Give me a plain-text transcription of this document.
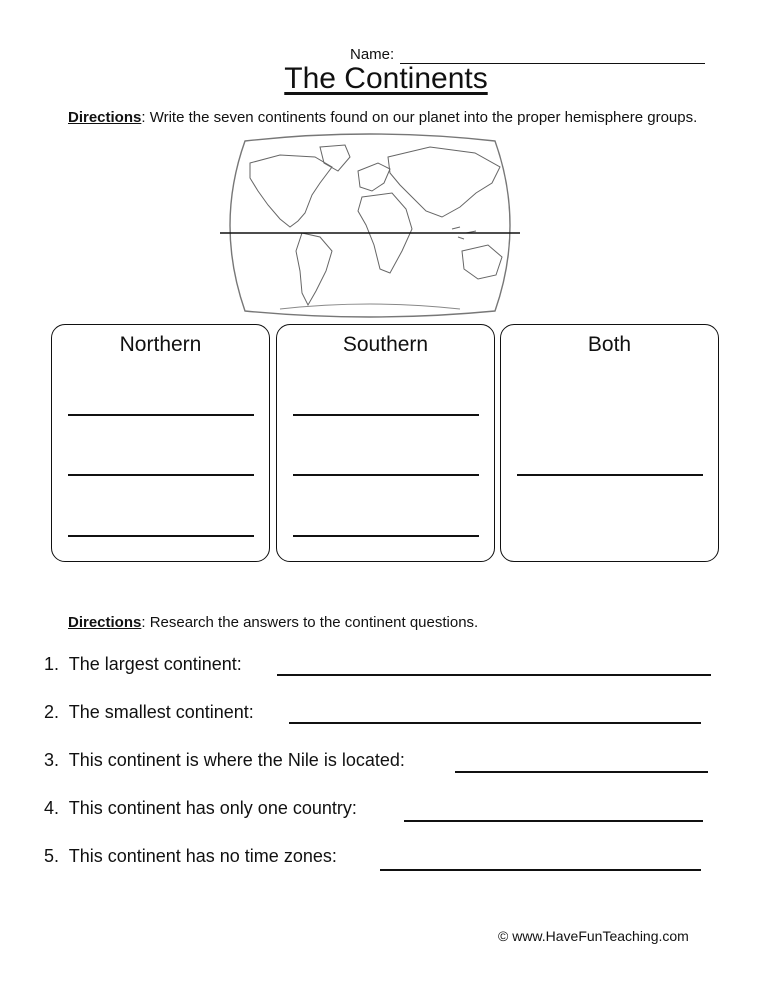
Name:
The Continents
Directions: Write the seven continents found on our planet into the proper hemisphere groups.
Northern	Southern	Both
Directions: Research the answers to the continent questions.
1. The largest continent:
2. The smallest continent:
3. This continent is where the Nile is located:
4. This continent has only one country:
5. This continent has no time zones:
© www.HaveFunTeaching.com
